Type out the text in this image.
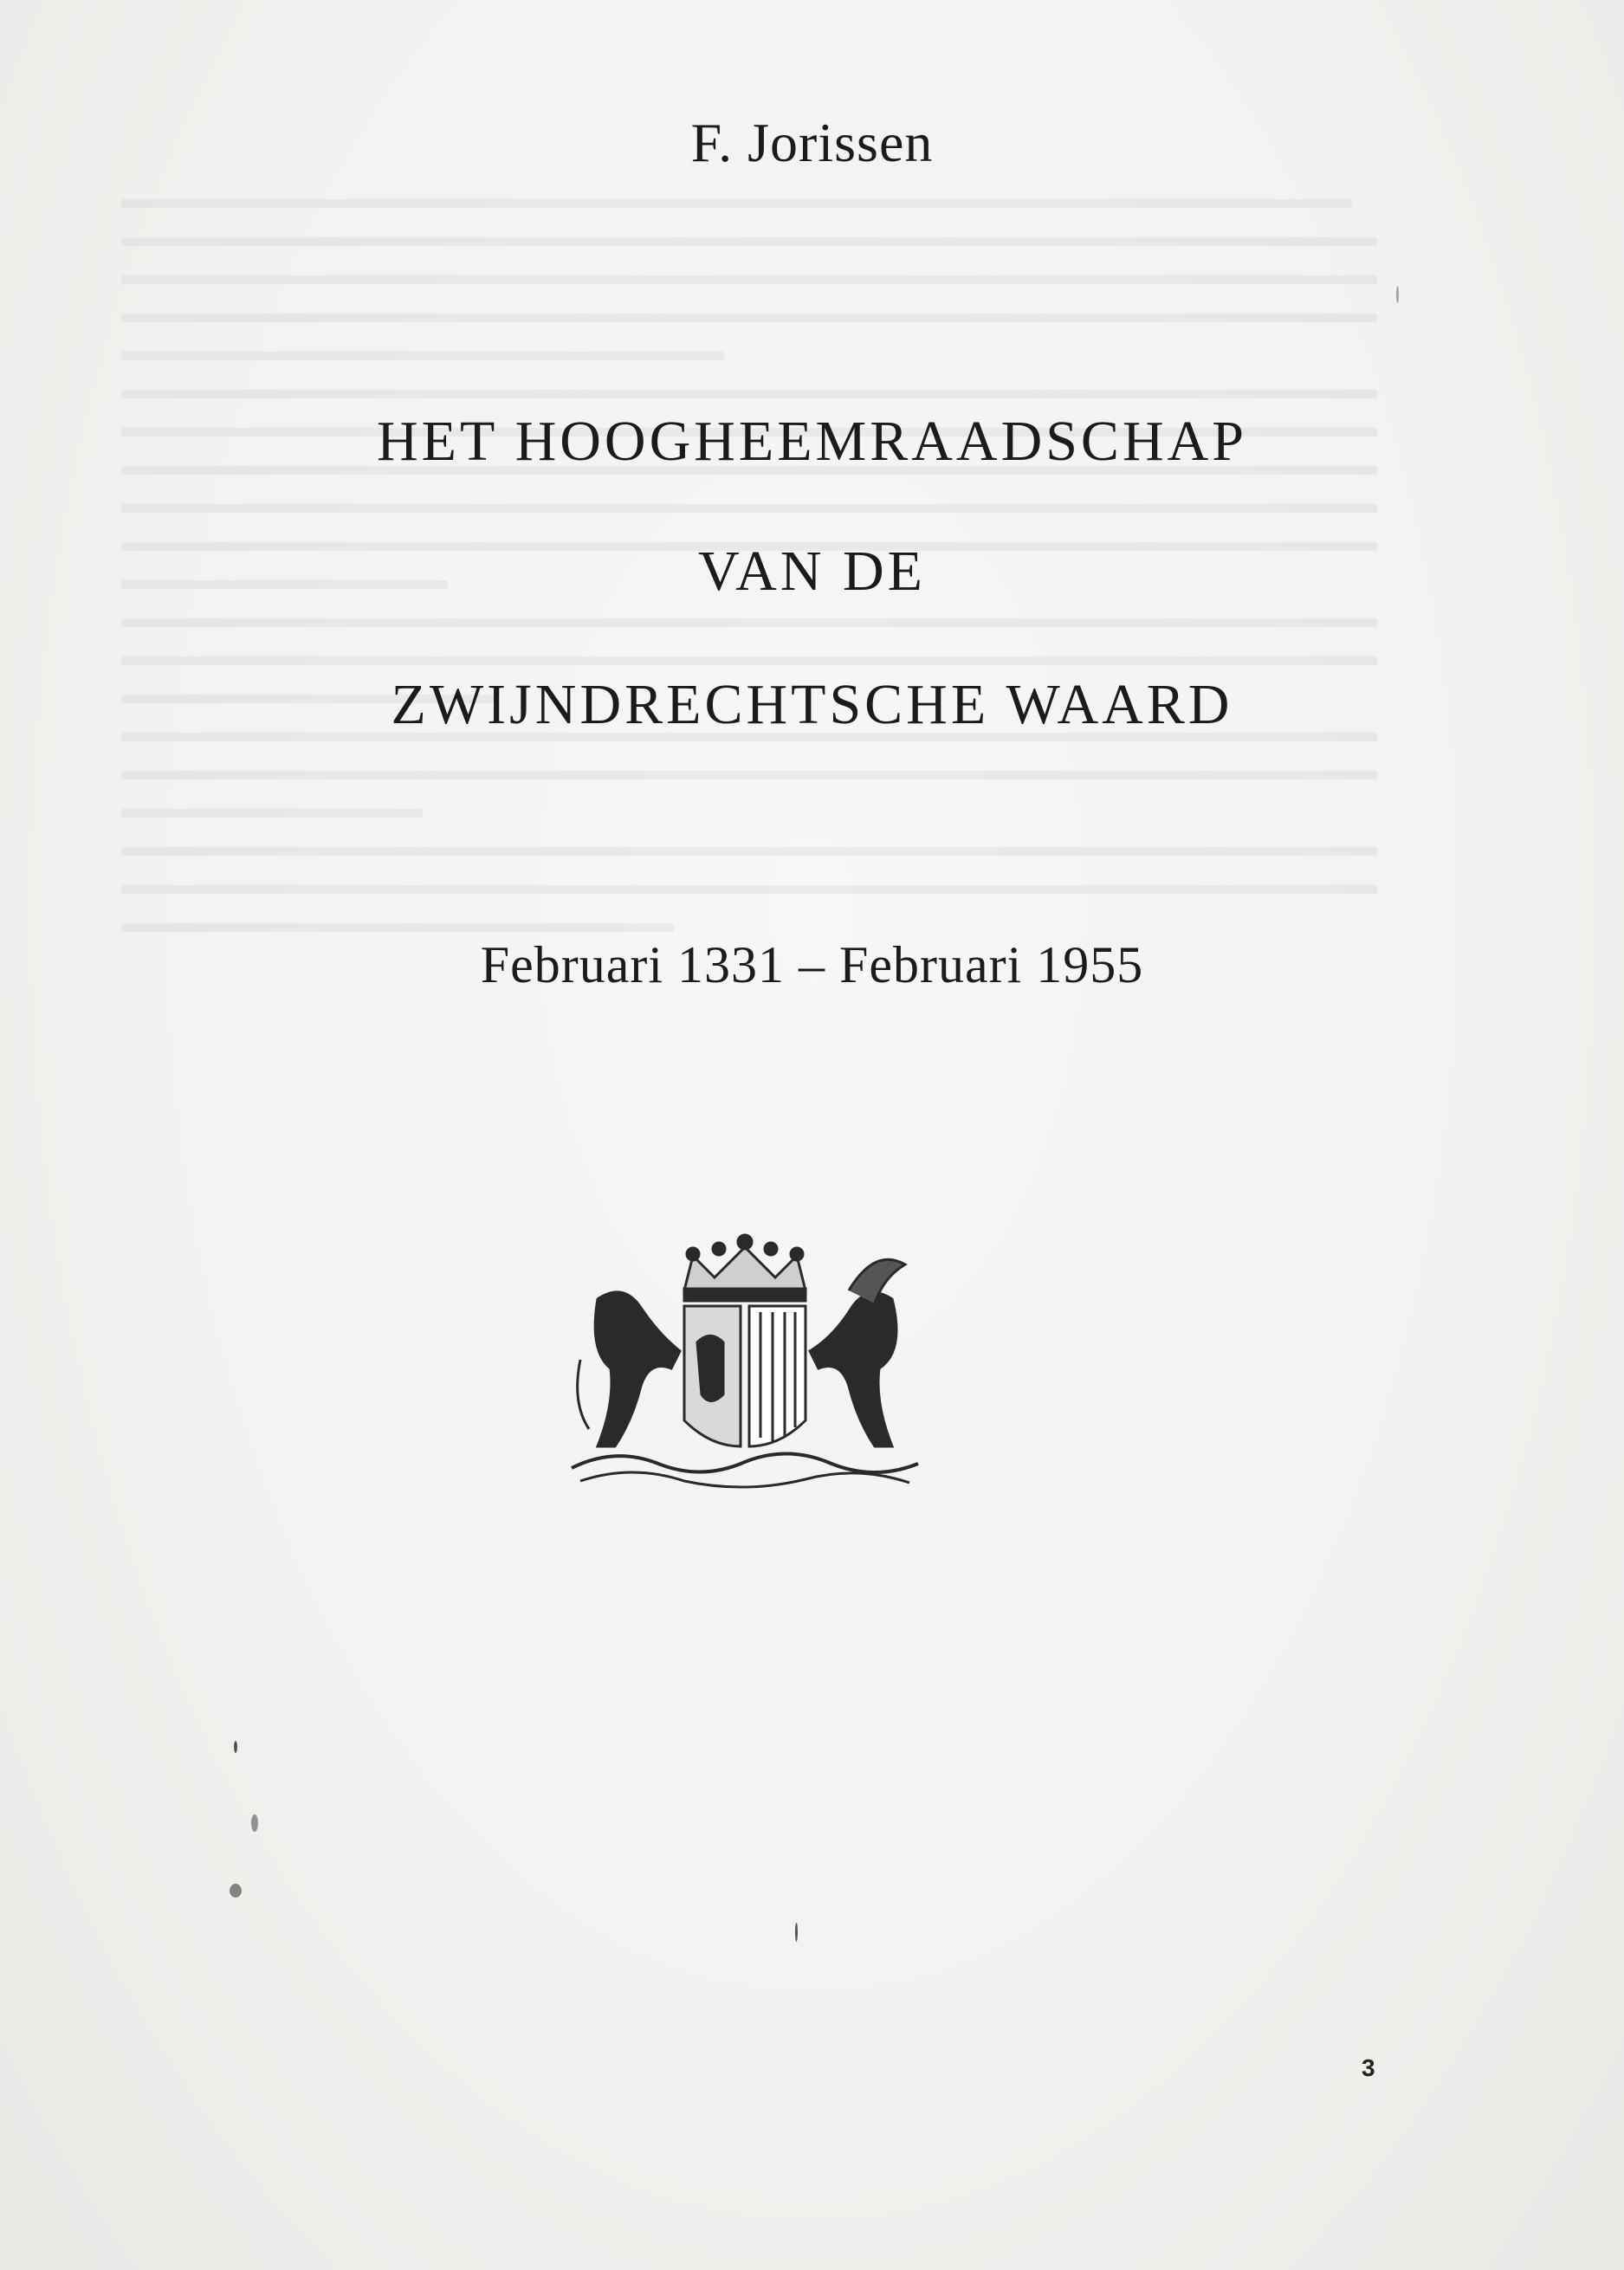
F. Jorissen
HET HOOGHEEMRAADSCHAP
VAN DE
ZWIJNDRECHTSCHE WAARD
Februari 1331 – Februari 1955
3
